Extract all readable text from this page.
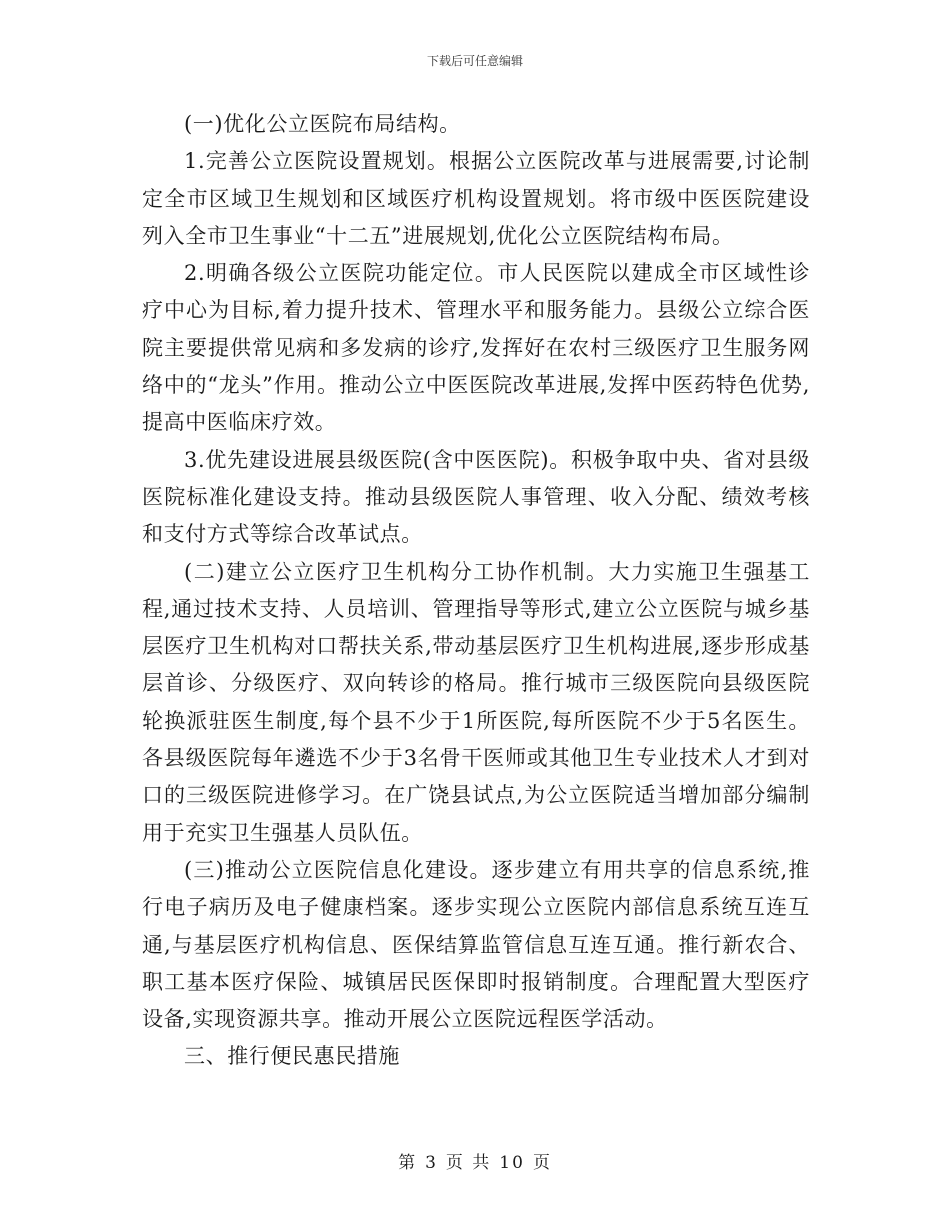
下载后可任意编辑

(一)优化公立医院布局结构。

1.完善公立医院设置规划。根据公立医院改革与进展需要,讨论制定全市区域卫生规划和区域医疗机构设置规划。将市级中医医院建设列入全市卫生事业“十二五”进展规划,优化公立医院结构布局。

2.明确各级公立医院功能定位。市人民医院以建成全市区域性诊疗中心为目标,着力提升技术、管理水平和服务能力。县级公立综合医院主要提供常见病和多发病的诊疗,发挥好在农村三级医疗卫生服务网络中的“龙头”作用。推动公立中医医院改革进展,发挥中医药特色优势,提高中医临床疗效。

3.优先建设进展县级医院(含中医医院)。积极争取中央、省对县级医院标准化建设支持。推动县级医院人事管理、收入分配、绩效考核和支付方式等综合改革试点。

(二)建立公立医疗卫生机构分工协作机制。大力实施卫生强基工程,通过技术支持、人员培训、管理指导等形式,建立公立医院与城乡基层医疗卫生机构对口帮扶关系,带动基层医疗卫生机构进展,逐步形成基层首诊、分级医疗、双向转诊的格局。推行城市三级医院向县级医院轮换派驻医生制度,每个县不少于1所医院,每所医院不少于5名医生。各县级医院每年遴选不少于3名骨干医师或其他卫生专业技术人才到对口的三级医院进修学习。在广饶县试点,为公立医院适当增加部分编制用于充实卫生强基人员队伍。

(三)推动公立医院信息化建设。逐步建立有用共享的信息系统,推行电子病历及电子健康档案。逐步实现公立医院内部信息系统互连互通,与基层医疗机构信息、医保结算监管信息互连互通。推行新农合、职工基本医疗保险、城镇居民医保即时报销制度。合理配置大型医疗设备,实现资源共享。推动开展公立医院远程医学活动。

三、推行便民惠民措施

第 3 页 共 10 页
